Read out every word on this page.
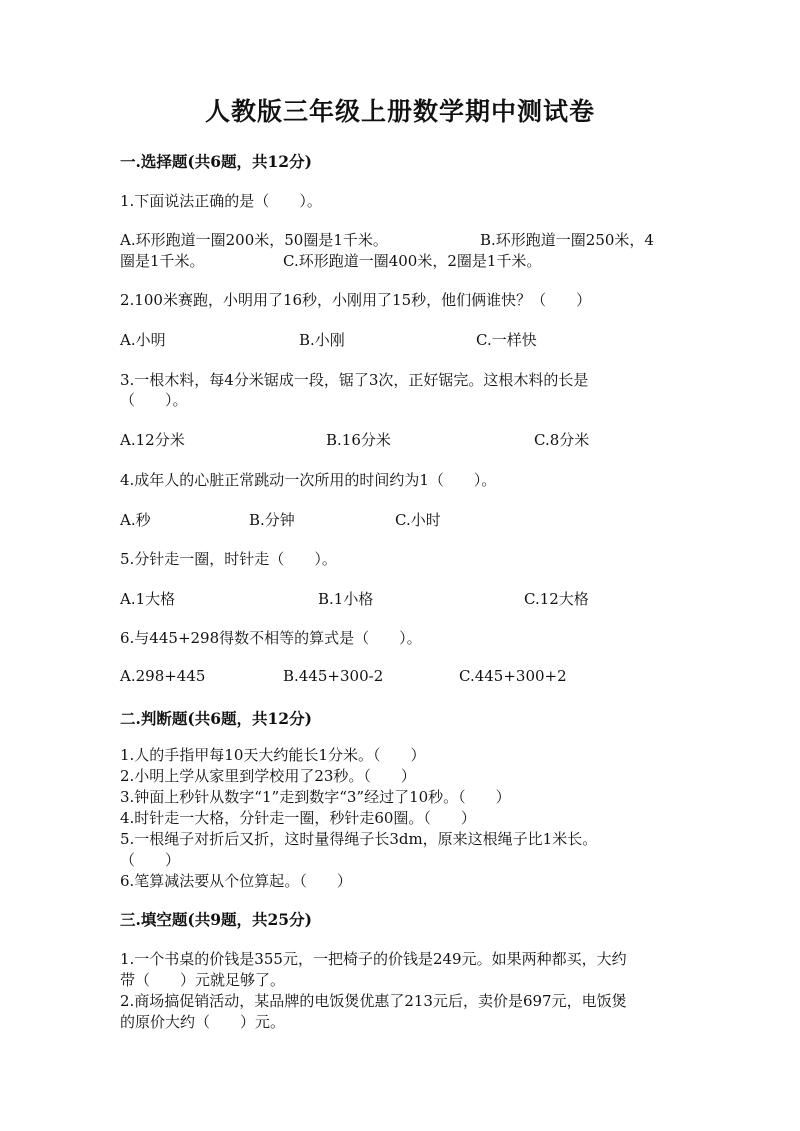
人教版三年级上册数学期中测试卷
一.选择题(共6题，共12分)
1.下面说法正确的是（　　）。
A.环形跑道一圈200米，50圈是1千米。	B.环形跑道一圈250米，4
圈是1千米。	C.环形跑道一圈400米，2圈是1千米。
2.100米赛跑，小明用了16秒，小刚用了15秒，他们俩谁快？（　　）
A.小明	B.小刚	C.一样快
3.一根木料，每4分米锯成一段，锯了3次，正好锯完。这根木料的长是
（　　）。
A.12分米	B.16分米	C.8分米
4.成年人的心脏正常跳动一次所用的时间约为1（　　）。
A.秒	B.分钟	C.小时
5.分针走一圈，时针走（　　）。
A.1大格	B.1小格	C.12大格
6.与445+298得数不相等的算式是（　　）。
A.298+445	B.445+300-2	C.445+300+2
二.判断题(共6题，共12分)
1.人的手指甲每10天大约能长1分米。（　　）
2.小明上学从家里到学校用了23秒。（　　）
3.钟面上秒针从数字“1”走到数字“3”经过了10秒。（　　）
4.时针走一大格，分针走一圈，秒针走60圈。（　　）
5.一根绳子对折后又折，这时量得绳子长3dm，原来这根绳子比1米长。
（　　）
6.笔算减法要从个位算起。（　　）
三.填空题(共9题，共25分)
1.一个书桌的价钱是355元，一把椅子的价钱是249元。如果两种都买，大约
带（　　）元就足够了。
2.商场搞促销活动，某品牌的电饭煲优惠了213元后，卖价是697元，电饭煲
的原价大约（　　）元。
